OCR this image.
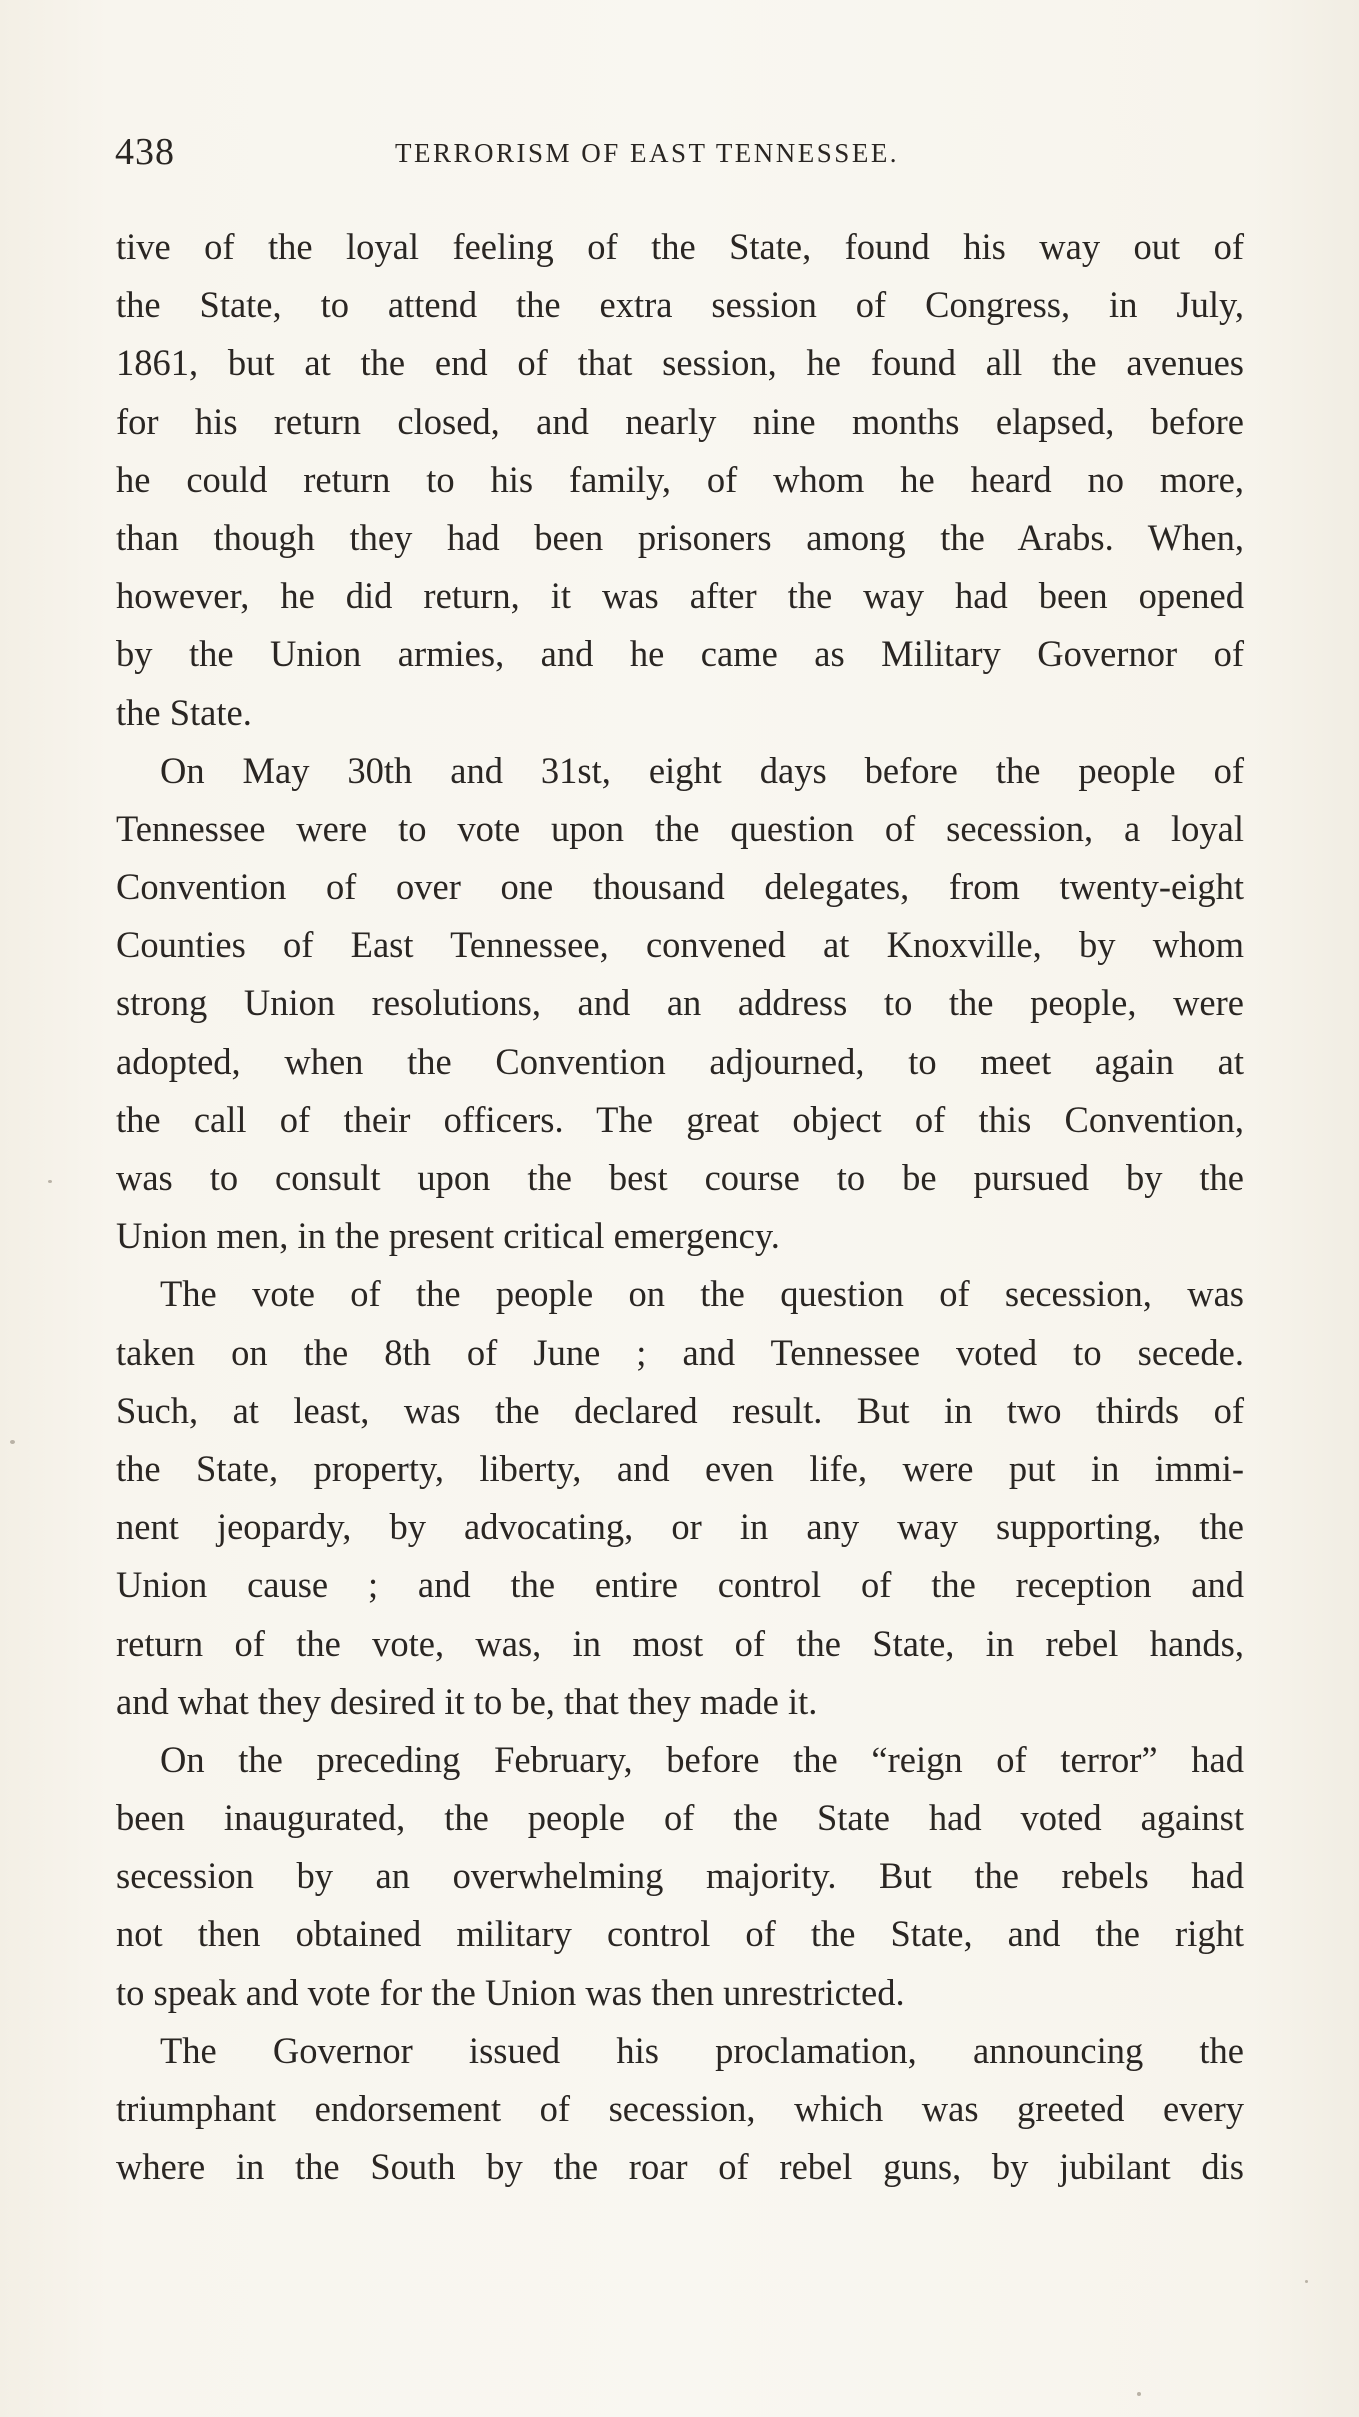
438	TERRORISM OF EAST TENNESSEE.
tive of the loyal feeling of the State, found his way out of
the State, to attend the extra session of Congress, in July,
1861, but at the end of that session, he found all the avenues
for his return closed, and nearly nine months elapsed, before
he could return to his family, of whom he heard no more,
than though they had been prisoners among the Arabs. When,
however, he did return, it was after the way had been opened
by the Union armies, and he came as Military Governor of
the State.
On May 30th and 31st, eight days before the people of
Tennessee were to vote upon the question of secession, a loyal
Convention of over one thousand delegates, from twenty-eight
Counties of East Tennessee, convened at Knoxville, by whom
strong Union resolutions, and an address to the people, were
adopted, when the Convention adjourned, to meet again at
the call of their officers. The great object of this Convention,
was to consult upon the best course to be pursued by the
Union men, in the present critical emergency.
The vote of the people on the question of secession, was
taken on the 8th of June ; and Tennessee voted to secede.
Such, at least, was the declared result. But in two thirds of
the State, property, liberty, and even life, were put in immi-
nent jeopardy, by advocating, or in any way supporting, the
Union cause ; and the entire control of the reception and
return of the vote, was, in most of the State, in rebel hands,
and what they desired it to be, that they made it.
On the preceding February, before the “reign of terror” had
been inaugurated, the people of the State had voted against
secession by an overwhelming majority. But the rebels had
not then obtained military control of the State, and the right
to speak and vote for the Union was then unrestricted.
The Governor issued his proclamation, announcing the
triumphant endorsement of secession, which was greeted every
where in the South by the roar of rebel guns, by jubilant dis
